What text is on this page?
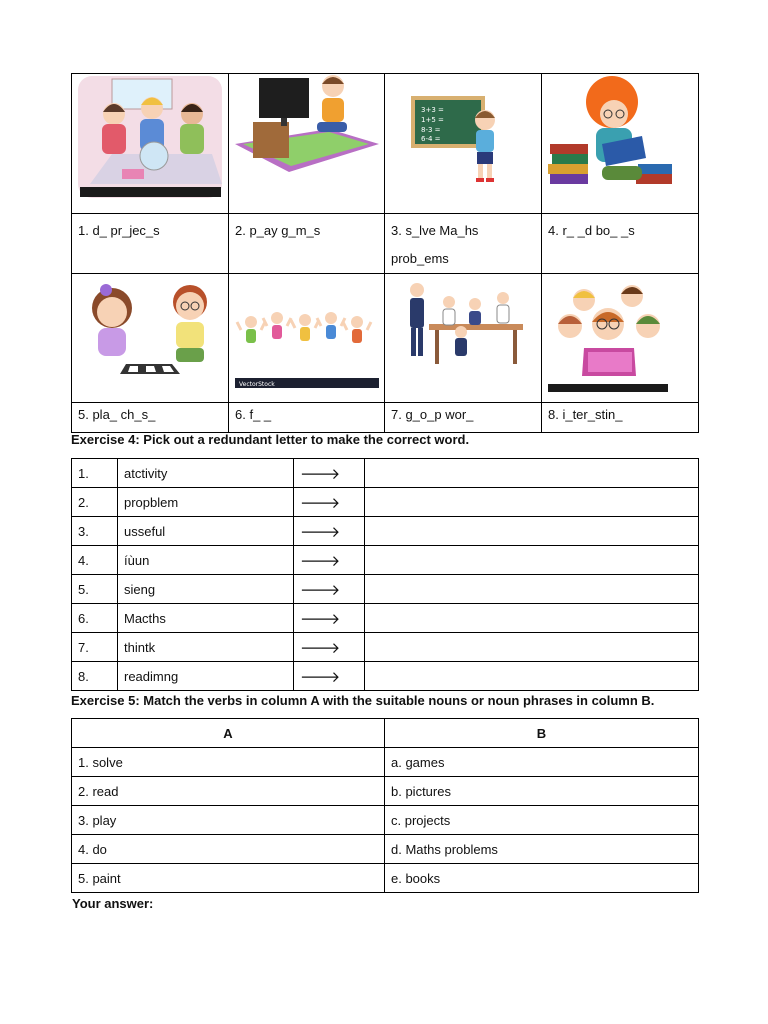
3+3 =
1+5 =
8-3 =
6-4 =

1. d_ pr_jec_s	2. p_ay g_m_s	3. s_lve Ma_hs prob_ems	4. r_ _d bo_ _s

VectorStock

5. pla_ ch_s_	6. f_ _	7. g_o_p wor_	8. i_ter_stin_
Exercise 4: Pick out a redundant letter to make the correct word.
1.	atctivity	🡒	
2.	propblem	🡒	
3.	usseful	🡒	
4.	íùun	🡒	
5.	sieng	🡒	
6.	Macths	🡒	
7.	thintk	🡒	
8.	readimng	🡒	
Exercise 5: Match the verbs in column A with the suitable nouns or noun phrases in column B.
A	B
1. solve	a. games
2. read	b. pictures
3. play	c. projects
4. do	d. Maths problems
5. paint	e. books
Your answer:
